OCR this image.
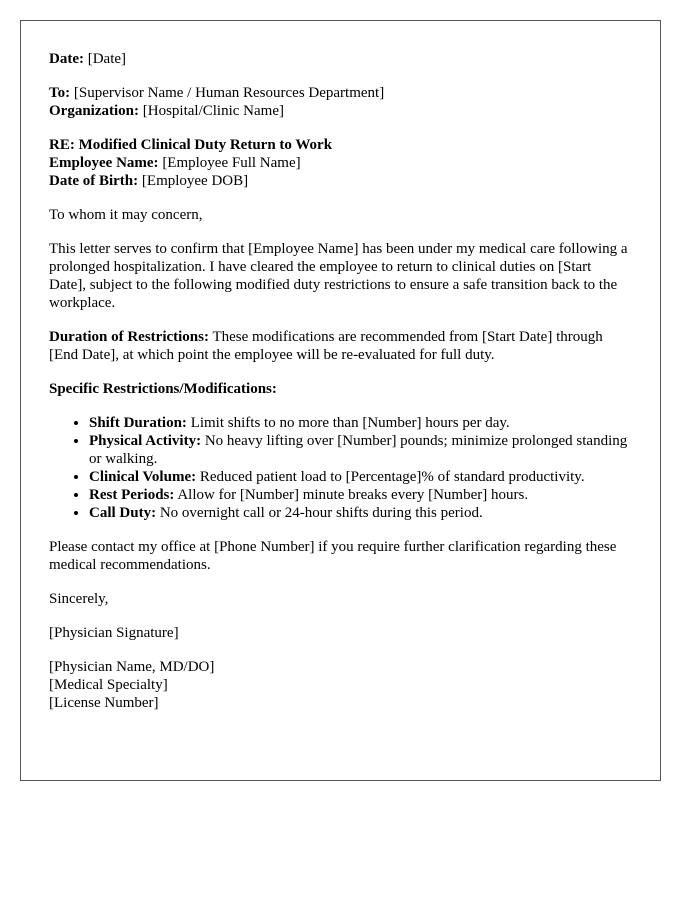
Date: [Date]

To: [Supervisor Name / Human Resources Department]
Organization: [Hospital/Clinic Name]

RE: Modified Clinical Duty Return to Work
Employee Name: [Employee Full Name]
Date of Birth: [Employee DOB]

To whom it may concern,

This letter serves to confirm that [Employee Name] has been under my medical care following a prolonged hospitalization. I have cleared the employee to return to clinical duties on [Start Date], subject to the following modified duty restrictions to ensure a safe transition back to the workplace.

Duration of Restrictions: These modifications are recommended from [Start Date] through [End Date], at which point the employee will be re-evaluated for full duty.

Specific Restrictions/Modifications:

• Shift Duration: Limit shifts to no more than [Number] hours per day.
• Physical Activity: No heavy lifting over [Number] pounds; minimize prolonged standing or walking.
• Clinical Volume: Reduced patient load to [Percentage]% of standard productivity.
• Rest Periods: Allow for [Number] minute breaks every [Number] hours.
• Call Duty: No overnight call or 24-hour shifts during this period.

Please contact my office at [Phone Number] if you require further clarification regarding these medical recommendations.

Sincerely,

[Physician Signature]

[Physician Name, MD/DO]
[Medical Specialty]
[License Number]
